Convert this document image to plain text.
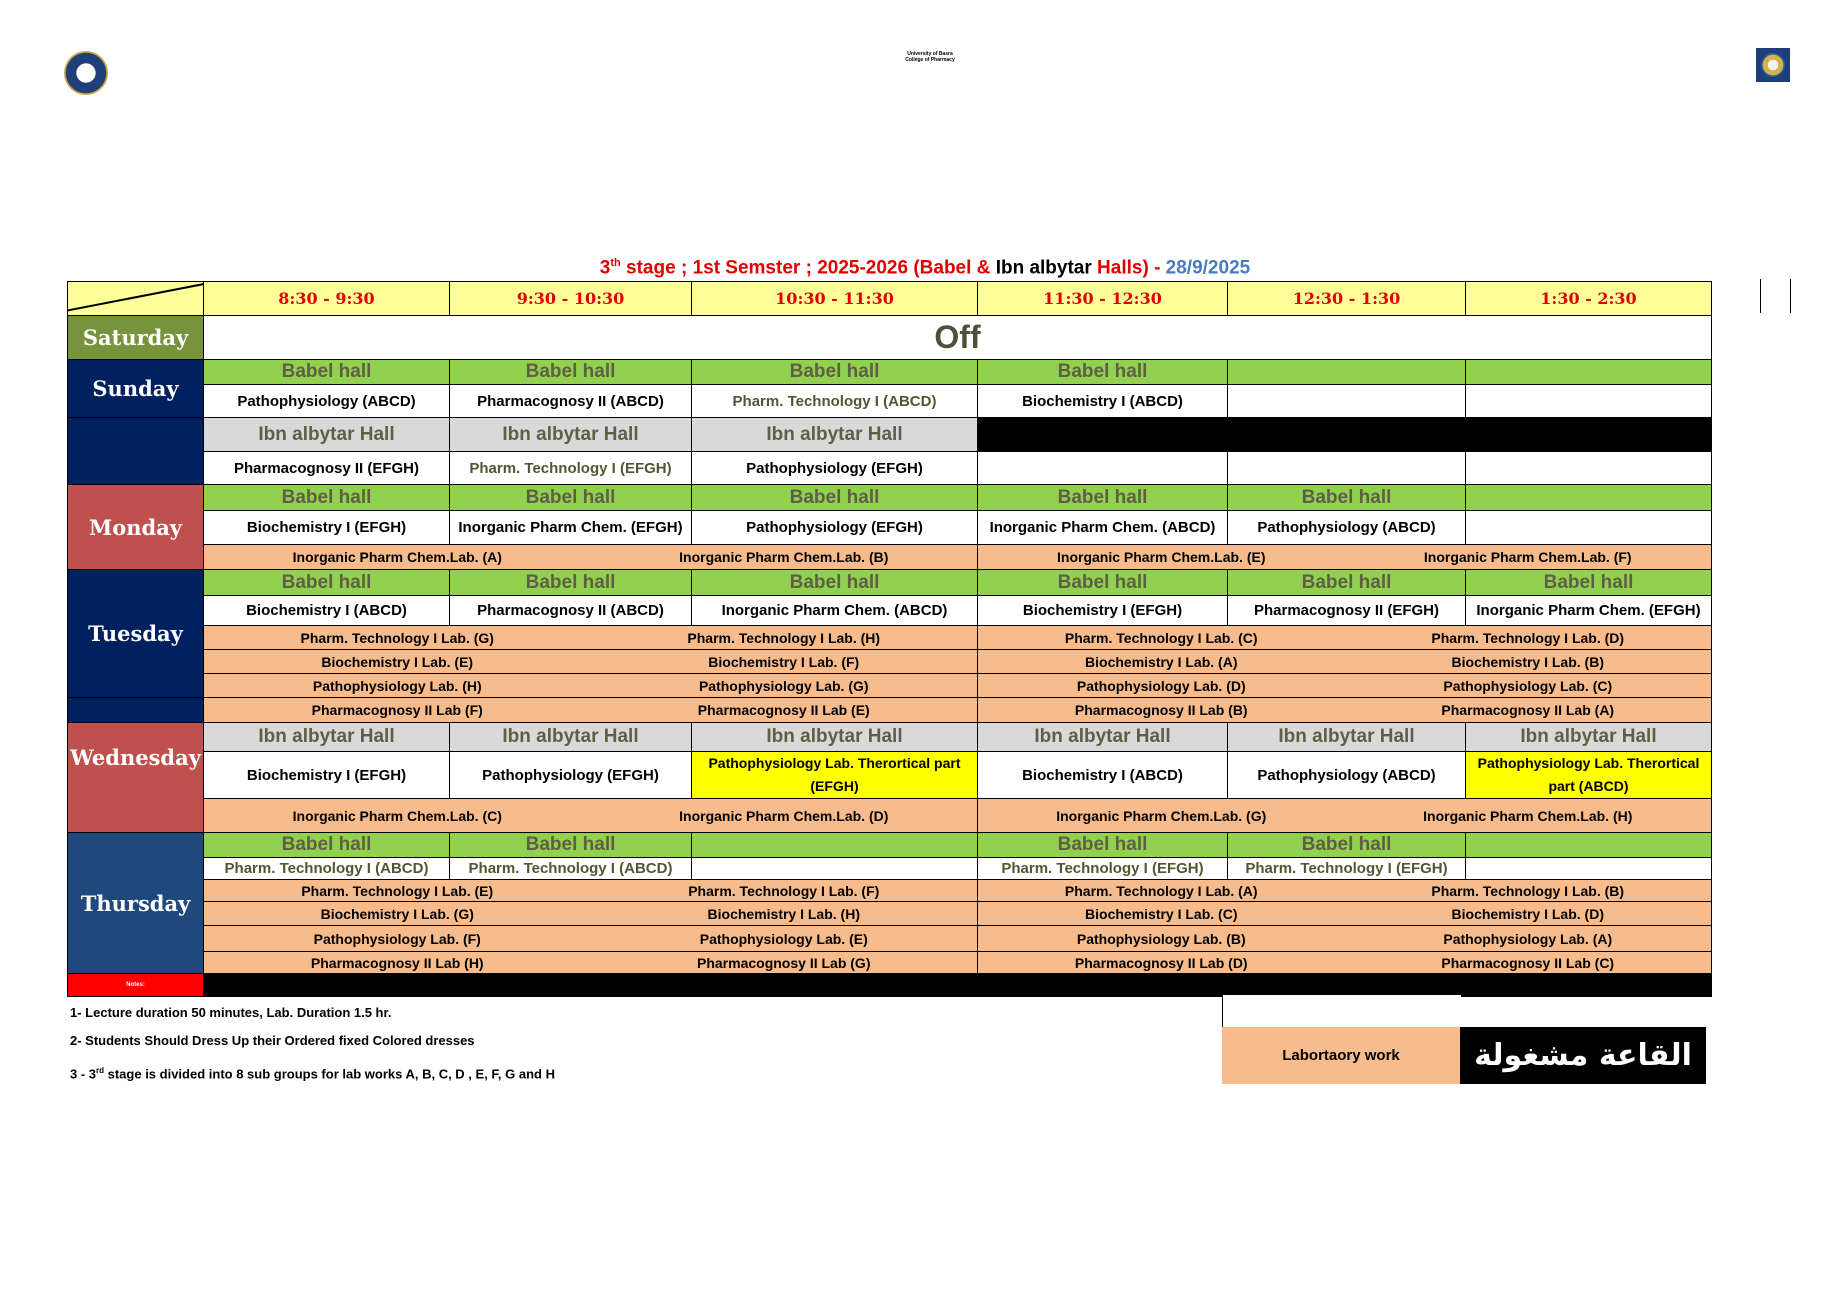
University of Basra
College of Pharmacy
3th stage ; 1st Semster ; 2025-2026 (Babel & Ibn albytar Halls) - 28/9/2025
	8:30 - 9:30	9:30 - 10:30	10:30 - 11:30	11:30 - 12:30	12:30 - 1:30	1:30 - 2:30
Saturday	Off					
Sunday	Babel hall	Babel hall	Babel hall	Babel hall		
	Pathophysiology (ABCD)	Pharmacognosy II (ABCD)	Pharm. Technology I (ABCD)	Biochemistry I (ABCD)		
	Ibn albytar Hall	Ibn albytar Hall	Ibn albytar Hall			
	Pharmacognosy II (EFGH)	Pharm. Technology I (EFGH)	Pathophysiology (EFGH)			
Monday	Babel hall	Babel hall	Babel hall	Babel hall	Babel hall	
	Biochemistry I (EFGH)	Inorganic Pharm Chem. (EFGH)	Pathophysiology (EFGH)	Inorganic Pharm Chem. (ABCD)	Pathophysiology (ABCD)	
	Inorganic Pharm Chem.Lab. (A) Inorganic Pharm Chem.Lab. (B)			Inorganic Pharm Chem.Lab. (E) Inorganic Pharm Chem.Lab. (F)		
Tuesday	Babel hall	Babel hall	Babel hall	Babel hall	Babel hall	Babel hall
	Biochemistry I (ABCD)	Pharmacognosy II (ABCD)	Inorganic Pharm Chem. (ABCD)	Biochemistry I (EFGH)	Pharmacognosy II (EFGH)	Inorganic Pharm Chem. (EFGH)
	Pharm. Technology I Lab. (G) Pharm. Technology I Lab. (H)			Pharm. Technology I Lab. (C) Pharm. Technology I Lab. (D)		
	Biochemistry I Lab. (E) Biochemistry I Lab. (F)			Biochemistry I Lab. (A) Biochemistry I Lab. (B)		
	Pathophysiology Lab. (H) Pathophysiology Lab. (G)			Pathophysiology Lab. (D) Pathophysiology Lab. (C)		
	Pharmacognosy II Lab (F) Pharmacognosy II Lab (E)			Pharmacognosy II Lab (B) Pharmacognosy II Lab (A)		
Wednesday	Ibn albytar Hall	Ibn albytar Hall	Ibn albytar Hall	Ibn albytar Hall	Ibn albytar Hall	Ibn albytar Hall
	Biochemistry I (EFGH)	Pathophysiology (EFGH)	Pathophysiology Lab. Therortical part (EFGH)	Biochemistry I (ABCD)	Pathophysiology (ABCD)	Pathophysiology Lab. Therortical part (ABCD)
	Inorganic Pharm Chem.Lab. (C) Inorganic Pharm Chem.Lab. (D)			Inorganic Pharm Chem.Lab. (G) Inorganic Pharm Chem.Lab. (H)		
Thursday	Babel hall	Babel hall		Babel hall	Babel hall	
	Pharm. Technology I (ABCD)	Pharm. Technology I (ABCD)		Pharm. Technology I (EFGH)	Pharm. Technology I (EFGH)	
	Pharm. Technology I Lab. (E) Pharm. Technology I Lab. (F)			Pharm. Technology I Lab. (A) Pharm. Technology I Lab. (B)		
	Biochemistry I Lab. (G) Biochemistry I Lab. (H)			Biochemistry I Lab. (C) Biochemistry I Lab. (D)		
	Pathophysiology Lab. (F) Pathophysiology Lab. (E)			Pathophysiology Lab. (B) Pathophysiology Lab. (A)		
	Pharmacognosy II Lab (H) Pharmacognosy II Lab (G)			Pharmacognosy II Lab (D) Pharmacognosy II Lab (C)		
Notes:						
1- Lecture duration 50 minutes, Lab. Duration 1.5 hr.
2- Students Should Dress Up their Ordered fixed Colored dresses
3 - 3rd stage is divided into 8 sub groups for lab works A, B, C, D , E, F, G and H
Labortaory work	القاعة مشغولة
